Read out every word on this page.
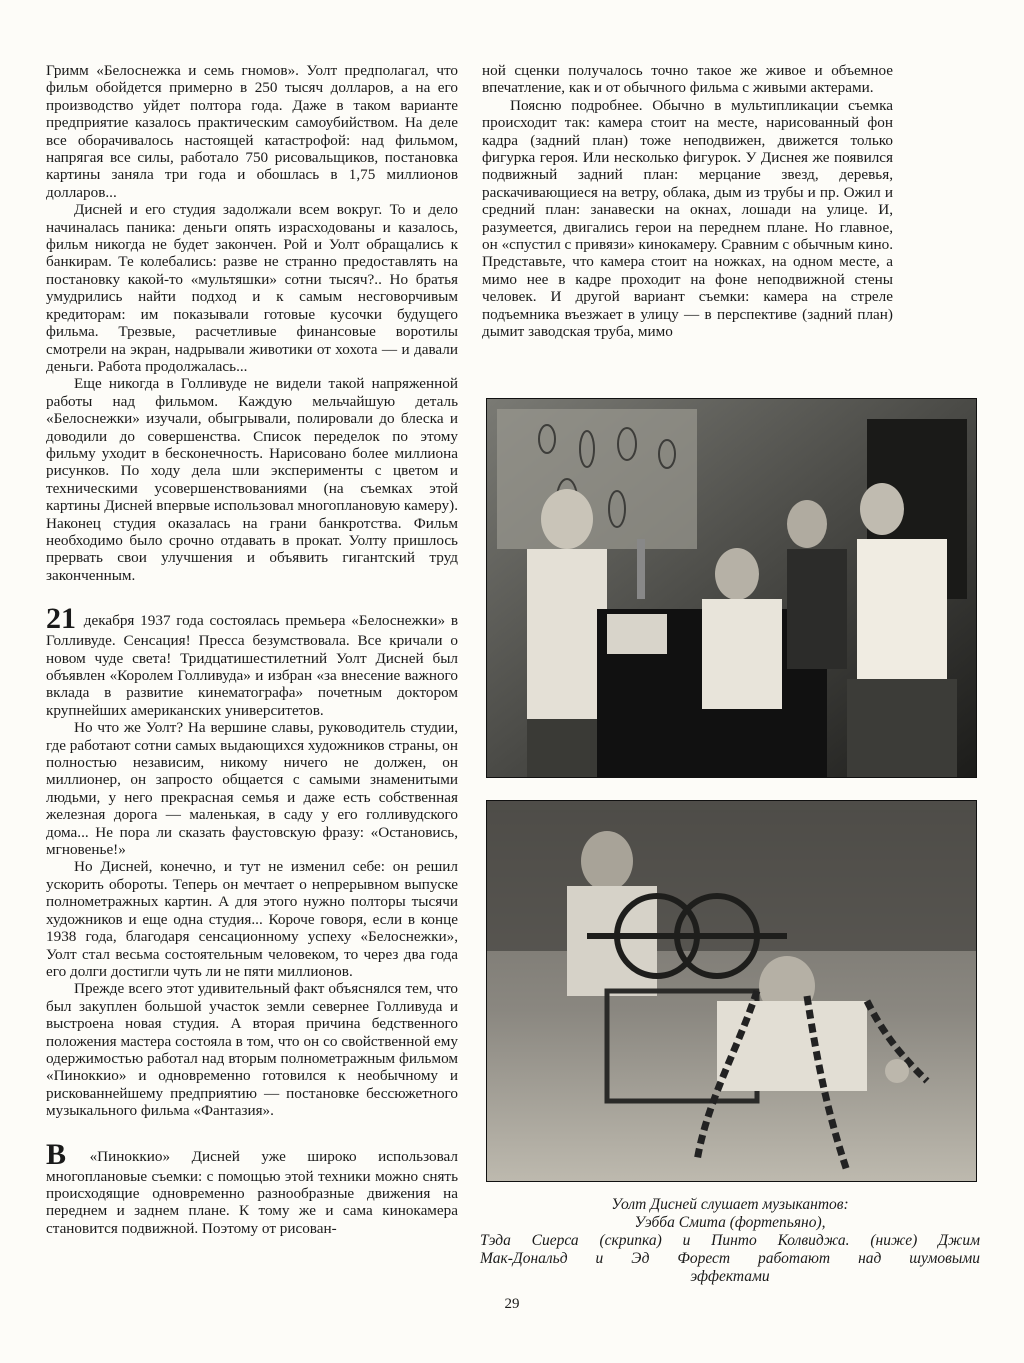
Гримм «Белоснежка и семь гномов». Уолт предполагал, что фильм обойдется примерно в 250 тысяч долларов, а на его производство уйдет полтора года. Даже в таком варианте предприятие казалось практическим самоубийством. На деле все оборачивалось настоящей катастрофой: над фильмом, напрягая все силы, работало 750 рисовальщиков, постановка картины заняла три года и обошлась в 1,75 миллионов долларов...

Дисней и его студия задолжали всем вокруг. То и дело начиналась паника: деньги опять израсходованы и казалось, фильм никогда не будет закончен. Рой и Уолт обращались к банкирам. Те колебались: разве не странно предоставлять на постановку какой-то «мультяшки» сотни тысяч?.. Но братья умудрились найти подход и к самым несговорчивым кредиторам: им показывали готовые кусочки будущего фильма. Трезвые, расчетливые финансовые воротилы смотрели на экран, надрывали животики от хохота — и давали деньги. Работа продолжалась...

Еще никогда в Голливуде не видели такой напряженной работы над фильмом. Каждую мельчайшую деталь «Белоснежки» изучали, обыгрывали, полировали до блеска и доводили до совершенства. Список переделок по этому фильму уходит в бесконечность. Нарисовано более миллиона рисунков. По ходу дела шли эксперименты с цветом и техническими усовершенствованиями (на съемках этой картины Дисней впервые использовал многоплановую камеру). Наконец студия оказалась на грани банкротства. Фильм необходимо было срочно отдавать в прокат. Уолту пришлось прервать свои улучшения и объявить гигантский труд законченным.

21 декабря 1937 года состоялась премьера «Белоснежки» в Голливуде. Сенсация! Пресса безумствовала. Все кричали о новом чуде света! Тридцатишестилетний Уолт Дисней был объявлен «Королем Голливуда» и избран «за внесение важного вклада в развитие кинематографа» почетным доктором крупнейших американских университетов.

Но что же Уолт? На вершине славы, руководитель студии, где работают сотни самых выдающихся художников страны, он полностью независим, никому ничего не должен, он миллионер, он запросто общается с самыми знаменитыми людьми, у него прекрасная семья и даже есть собственная железная дорога — маленькая, в саду у его голливудского дома... Не пора ли сказать фаустовскую фразу: «Остановись, мгновенье!»

Но Дисней, конечно, и тут не изменил себе: он решил ускорить обороты. Теперь он мечтает о непрерывном выпуске полнометражных картин. А для этого нужно полторы тысячи художников и еще одна студия... Короче говоря, если в конце 1938 года, благодаря сенсационному успеху «Белоснежки», Уолт стал весьма состоятельным человеком, то через два года его долги достигли чуть ли не пяти миллионов.

Прежде всего этот удивительный факт объяснялся тем, что был закуплен большой участок земли севернее Голливуда и выстроена новая студия. А вторая причина бедственного положения мастера состояла в том, что он со свойственной ему одержимостью работал над вторым полнометражным фильмом «Пиноккио» и одновременно готовился к необычному и рискованнейшему предприятию — постановке бессюжетного музыкального фильма «Фантазия».

В «Пиноккио» Дисней уже широко использовал многоплановые съемки: с помощью этой техники можно снять происходящие одновременно разнообразные движения на переднем и заднем плане. К тому же и сама кинокамера становится подвижной. Поэтому от рисован-

ной сценки получалось точно такое же живое и объемное впечатление, как и от обычного фильма с живыми актерами.

Поясню подробнее. Обычно в мультипликации съемка происходит так: камера стоит на месте, нарисованный фон кадра (задний план) тоже неподвижен, движется только фигурка героя. Или несколько фигурок. У Диснея же появился подвижный задний план: мерцание звезд, деревья, раскачивающиеся на ветру, облака, дым из трубы и пр. Ожил и средний план: занавески на окнах, лошади на улице. И, разумеется, двигались герои на переднем плане. Но главное, он «спустил с привязи» кинокамеру. Сравним с обычным кино. Представьте, что камера стоит на ножках, на одном месте, а мимо нее в кадре проходит на фоне неподвижной стены человек. И другой вариант съемки: камера на стреле подъемника въезжает в улицу — в перспективе (задний план) дымит заводская труба, мимо

Уолт Дисней слушает музыкантов:
Уэбба Смита (фортепьяно),
Тэда Сиерса (скрипка) и Пинто Колвиджа. (ниже) Джим
Мак-Дональд и Эд Форест работают над шумовыми
эффектами
29
